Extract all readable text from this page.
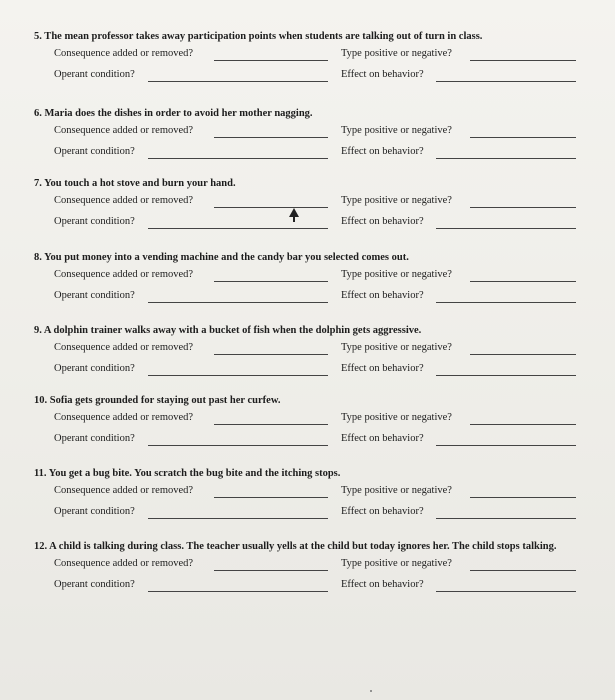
5. The mean professor takes away participation points when students are talking out of turn in class.

Consequence added or removed?	Type positive or negative?
Operant condition?	Effect on behavior?

6. Maria does the dishes in order to avoid her mother nagging.

Consequence added or removed?	Type positive or negative?
Operant condition?	Effect on behavior?

7. You touch a hot stove and burn your hand.

Consequence added or removed?	Type positive or negative?
Operant condition?	Effect on behavior?

8. You put money into a vending machine and the candy bar you selected comes out.

Consequence added or removed?	Type positive or negative?
Operant condition?	Effect on behavior?

9. A dolphin trainer walks away with a bucket of fish when the dolphin gets aggressive.

Consequence added or removed?	Type positive or negative?
Operant condition?	Effect on behavior?

10. Sofia gets grounded for staying out past her curfew.

Consequence added or removed?	Type positive or negative?
Operant condition?	Effect on behavior?

11. You get a bug bite. You scratch the bug bite and the itching stops.

Consequence added or removed?	Type positive or negative?
Operant condition?	Effect on behavior?

12. A child is talking during class. The teacher usually yells at the child but today ignores her. The child stops talking.

Consequence added or removed?	Type positive or negative?
Operant condition?	Effect on behavior?
